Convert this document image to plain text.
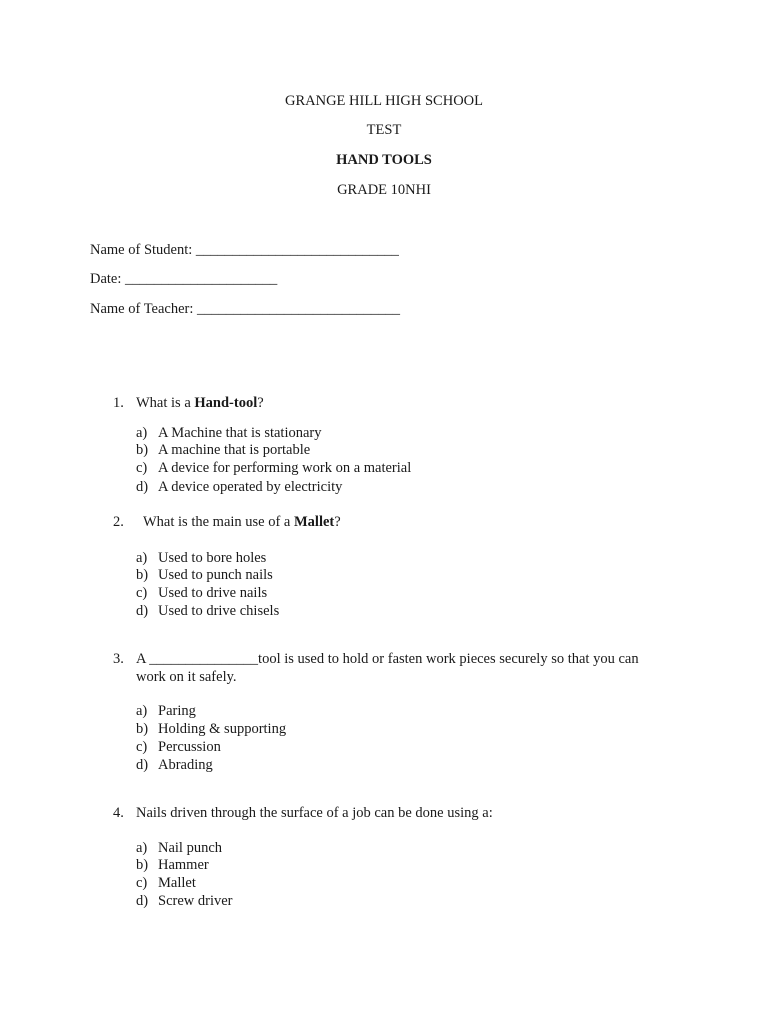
GRANGE HILL HIGH SCHOOL
TEST
HAND TOOLS
GRADE 10NHI
Name of Student: ____________________________
Date: _____________________
Name of Teacher: ____________________________
1. What is a Hand-tool?
a) A Machine that is stationary
b) A machine that is portable
c) A device for performing work on a material
d) A device operated by electricity
2. What is the main use of a Mallet?
a) Used to bore holes
b) Used to punch nails
c) Used to drive nails
d) Used to drive chisels
3. A _______________tool is used to hold or fasten work pieces securely so that you can
work on it safely.
a) Paring
b) Holding & supporting
c) Percussion
d) Abrading
4. Nails driven through the surface of a job can be done using a:
a) Nail punch
b) Hammer
c) Mallet
d) Screw driver
